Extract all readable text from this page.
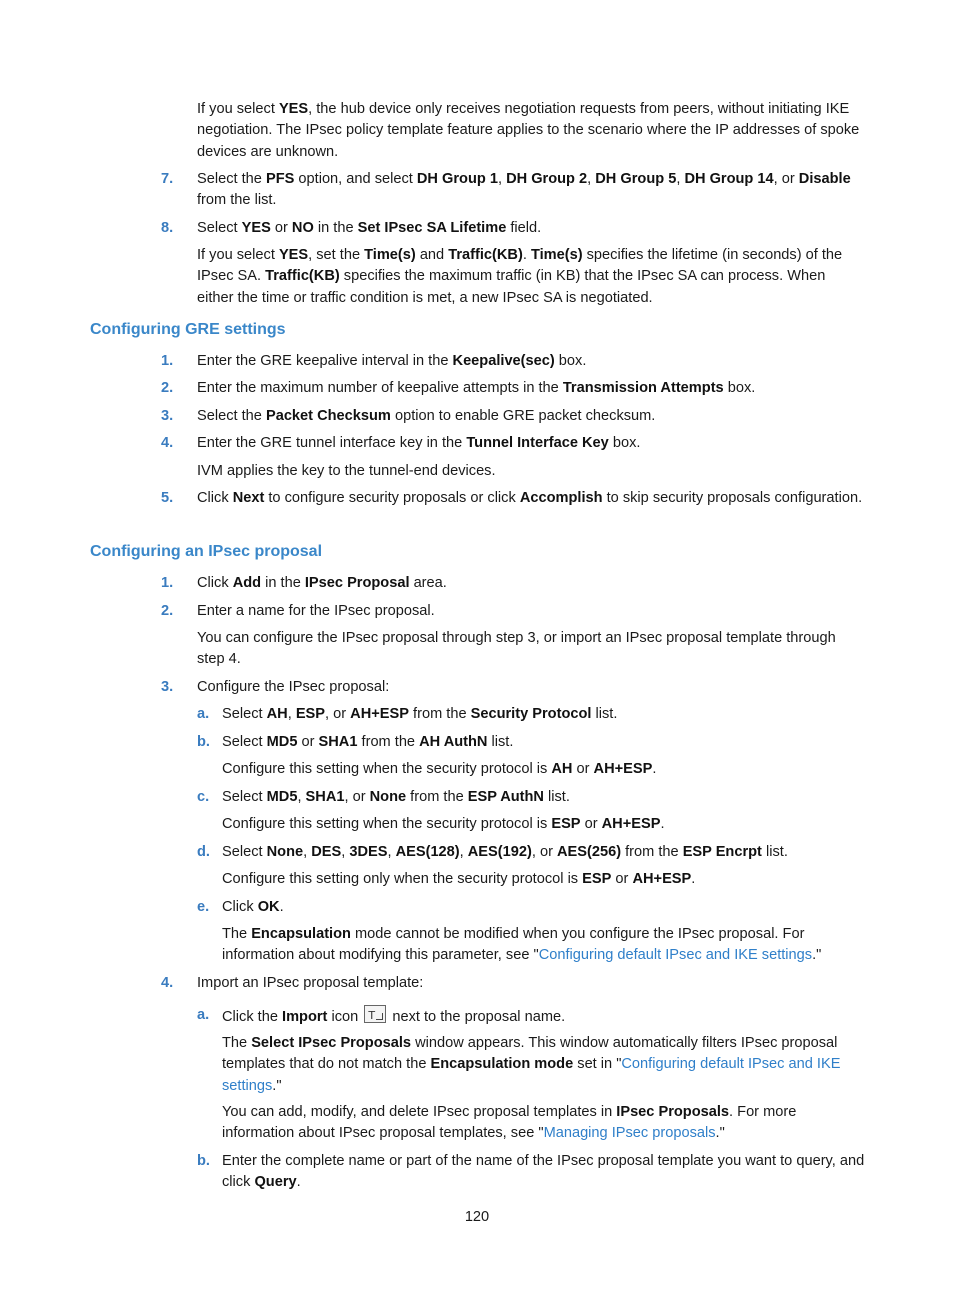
If you select YES, the hub device only receives negotiation requests from peers, without initiating IKE negotiation. The IPsec policy template feature applies to the scenario where the IP addresses of spoke devices are unknown.

7.	Select the PFS option, and select DH Group 1, DH Group 2, DH Group 5, DH Group 14, or Disable from the list.
8.	Select YES or NO in the Set IPsec SA Lifetime field.

If you select YES, set the Time(s) and Traffic(KB). Time(s) specifies the lifetime (in seconds) of the IPsec SA. Traffic(KB) specifies the maximum traffic (in KB) that the IPsec SA can process. When either the time or traffic condition is met, a new IPsec SA is negotiated.

Configuring GRE settings
1.	Enter the GRE keepalive interval in the Keepalive(sec) box.
2.	Enter the maximum number of keepalive attempts in the Transmission Attempts box.
3.	Select the Packet Checksum option to enable GRE packet checksum.
4.	Enter the GRE tunnel interface key in the Tunnel Interface Key box.

IVM applies the key to the tunnel-end devices.

5.	Click Next to configure security proposals or click Accomplish to skip security proposals configuration.
Configuring an IPsec proposal
1.	Click Add in the IPsec Proposal area.
2.	Enter a name for the IPsec proposal.

You can configure the IPsec proposal through step 3, or import an IPsec proposal template through step 4.

3.	Configure the IPsec proposal:
a. Select AH, ESP, or AH+ESP from the Security Protocol list.
b. Select MD5 or SHA1 from the AH AuthN list.

Configure this setting when the security protocol is AH or AH+ESP.

c. Select MD5, SHA1, or None from the ESP AuthN list.

Configure this setting when the security protocol is ESP or AH+ESP.

d. Select None, DES, 3DES, AES(128), AES(192), or AES(256) from the ESP Encrpt list.

Configure this setting only when the security protocol is ESP or AH+ESP.

e. Click OK.

The Encapsulation mode cannot be modified when you configure the IPsec proposal. For information about modifying this parameter, see "Configuring default IPsec and IKE settings."

4.	Import an IPsec proposal template:
a. Click the Import icon T next to the proposal name.

The Select IPsec Proposals window appears. This window automatically filters IPsec proposal templates that do not match the Encapsulation mode set in "Configuring default IPsec and IKE settings."

You can add, modify, and delete IPsec proposal templates in IPsec Proposals. For more information about IPsec proposal templates, see "Managing IPsec proposals."

b. Enter the complete name or part of the name of the IPsec proposal template you want to query, and click Query.
120
